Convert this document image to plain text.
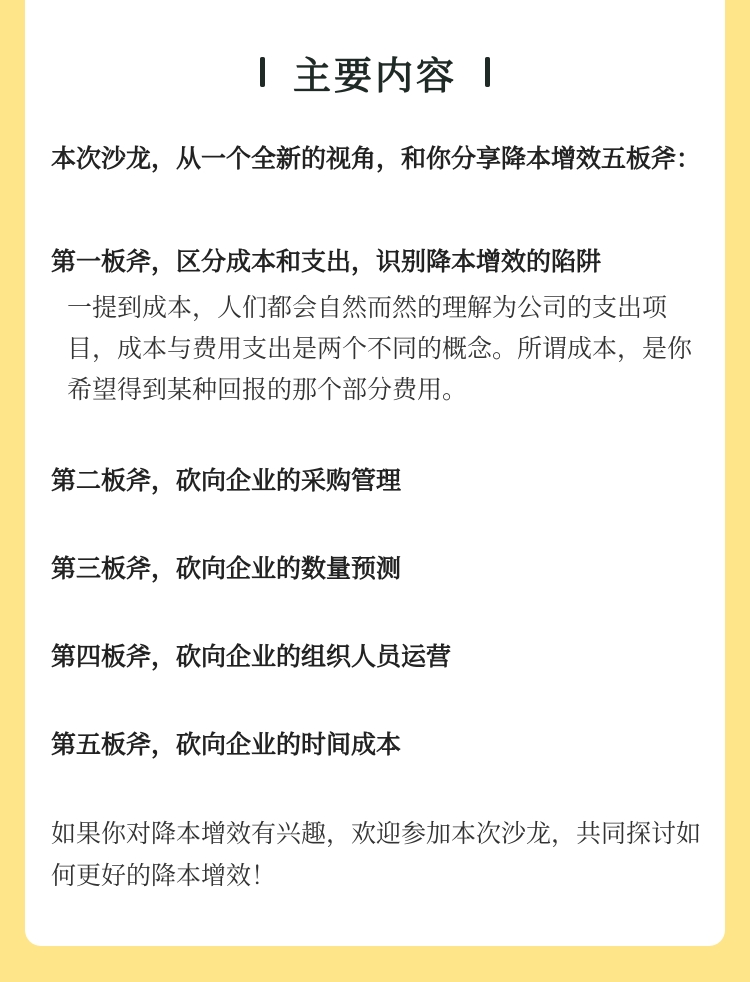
主要内容
本次沙龙，从一个全新的视角，和你分享降本增效五板斧：
第一板斧，区分成本和支出，识别降本增效的陷阱
一提到成本，人们都会自然而然的理解为公司的支出项目，成本与费用支出是两个不同的概念。所谓成本，是你希望得到某种回报的那个部分费用。
第二板斧，砍向企业的采购管理
第三板斧，砍向企业的数量预测
第四板斧，砍向企业的组织人员运营
第五板斧，砍向企业的时间成本
如果你对降本增效有兴趣，欢迎参加本次沙龙，共同探讨如何更好的降本增效！
